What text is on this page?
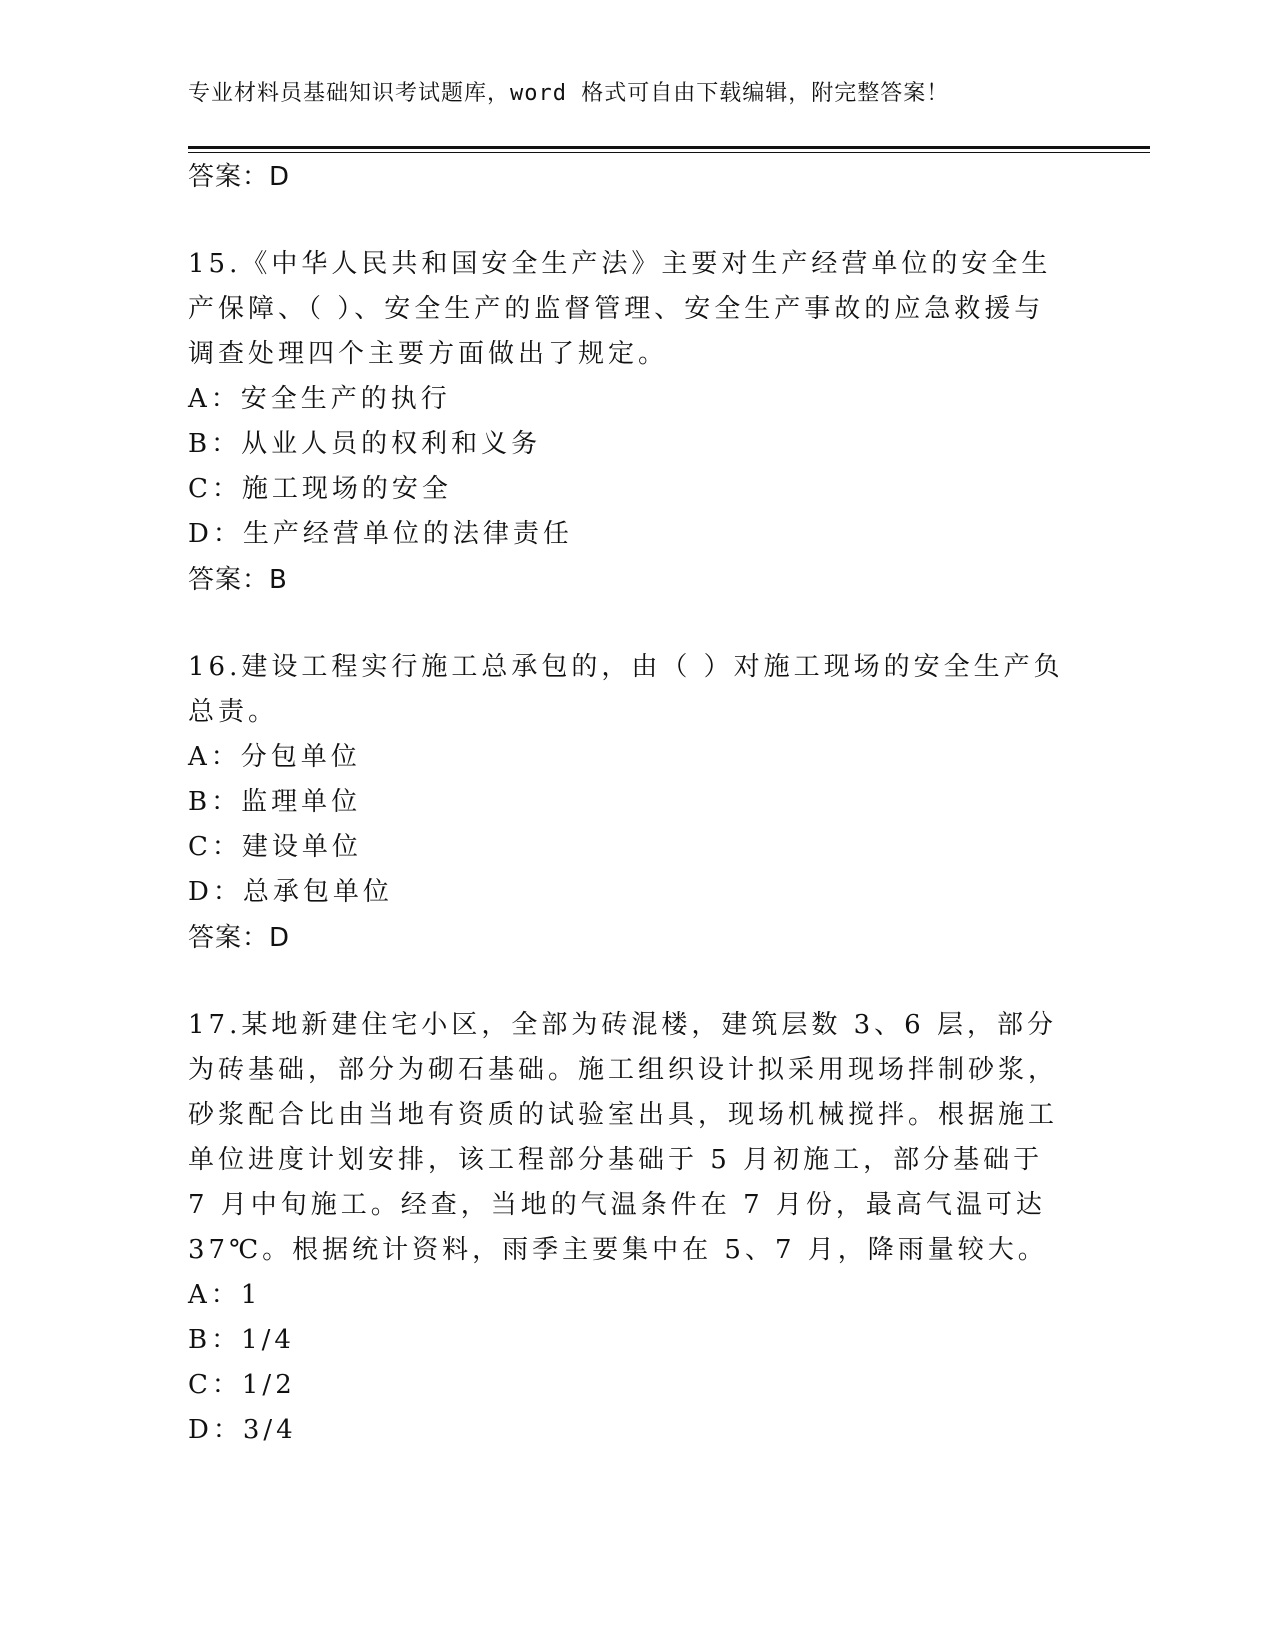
专业材料员基础知识考试题库，word 格式可自由下载编辑，附完整答案！
答案：D
15.《中华人民共和国安全生产法》主要对生产经营单位的安全生产保障、（ ）、安全生产的监督管理、安全生产事故的应急救援与调查处理四个主要方面做出了规定。
A：安全生产的执行
B：从业人员的权利和义务
C：施工现场的安全
D：生产经营单位的法律责任
答案：B
16.建设工程实行施工总承包的，由（ ）对施工现场的安全生产负总责。
A：分包单位
B：监理单位
C：建设单位
D：总承包单位
答案：D
17.某地新建住宅小区，全部为砖混楼，建筑层数 3、6 层，部分为砖基础，部分为砌石基础。施工组织设计拟采用现场拌制砂浆，砂浆配合比由当地有资质的试验室出具，现场机械搅拌。根据施工单位进度计划安排，该工程部分基础于 5 月初施工，部分基础于 7 月中旬施工。经查，当地的气温条件在 7 月份，最高气温可达 37℃。根据统计资料，雨季主要集中在 5、7 月，降雨量较大。
A：1
B：1/4
C：1/2
D：3/4
